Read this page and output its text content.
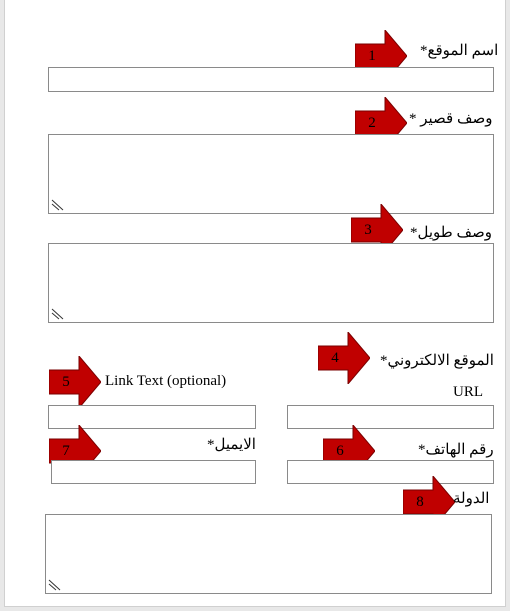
1	اسم الموقع*
2	وصف قصير *
3	وصف طويل*
4	الموقع الالكتروني*
URL
5	Link Text (optional)
7	الايميل*	6	رقم الهاتف*
8	الدولة
